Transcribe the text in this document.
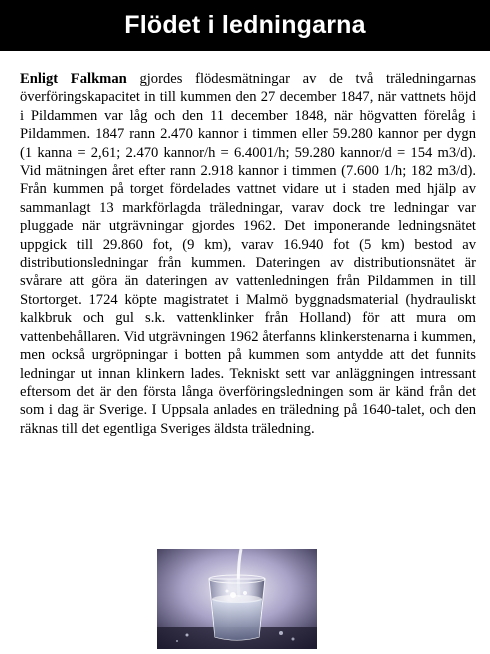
Flödet i ledningarna

Enligt Falkman gjordes flödesmätningar av de två träledningarnas överföringskapacitet in till kummen den 27 december 1847, när vattnets höjd i Pildammen var låg och den 11 december 1848, när högvatten förelåg i Pildammen. 1847 rann 2.470 kannor i timmen eller 59.280 kannor per dygn (1 kanna = 2,61; 2.470 kannor/h = 6.4001/h; 59.280 kannor/d = 154 m3/d). Vid mätningen året efter rann 2.918 kannor i timmen (7.600 1/h; 182 m3/d). Från kummen på torget fördelades vattnet vidare ut i staden med hjälp av sammanlagt 13 markförlagda träledningar, varav dock tre ledningar var pluggade när utgrävningar gjordes 1962. Det imponerande ledningsnätet uppgick till 29.860 fot, (9 km), varav 16.940 fot (5 km) bestod av distributionsledningar från kummen. Dateringen av distributionsnätet är svårare att göra än dateringen av vattenledningen från Pildammen in till Stortorget. 1724 köpte magistratet i Malmö byggnadsmaterial (hydrauliskt kalkbruk och gul s.k. vattenklinker från Holland) för att mura om vattenbehållaren. Vid utgrävningen 1962 återfanns klinkerstenarna i kummen, men också urgröpningar i botten på kummen som antydde att det funnits ledningar ut innan klinkern lades. Tekniskt sett var anläggningen intressant eftersom det är den första långa överföringsledningen som är känd från det som i dag är Sverige. I Uppsala anlades en träledning på 1640-talet, och den räknas till det egentliga Sveriges äldsta träledning.
